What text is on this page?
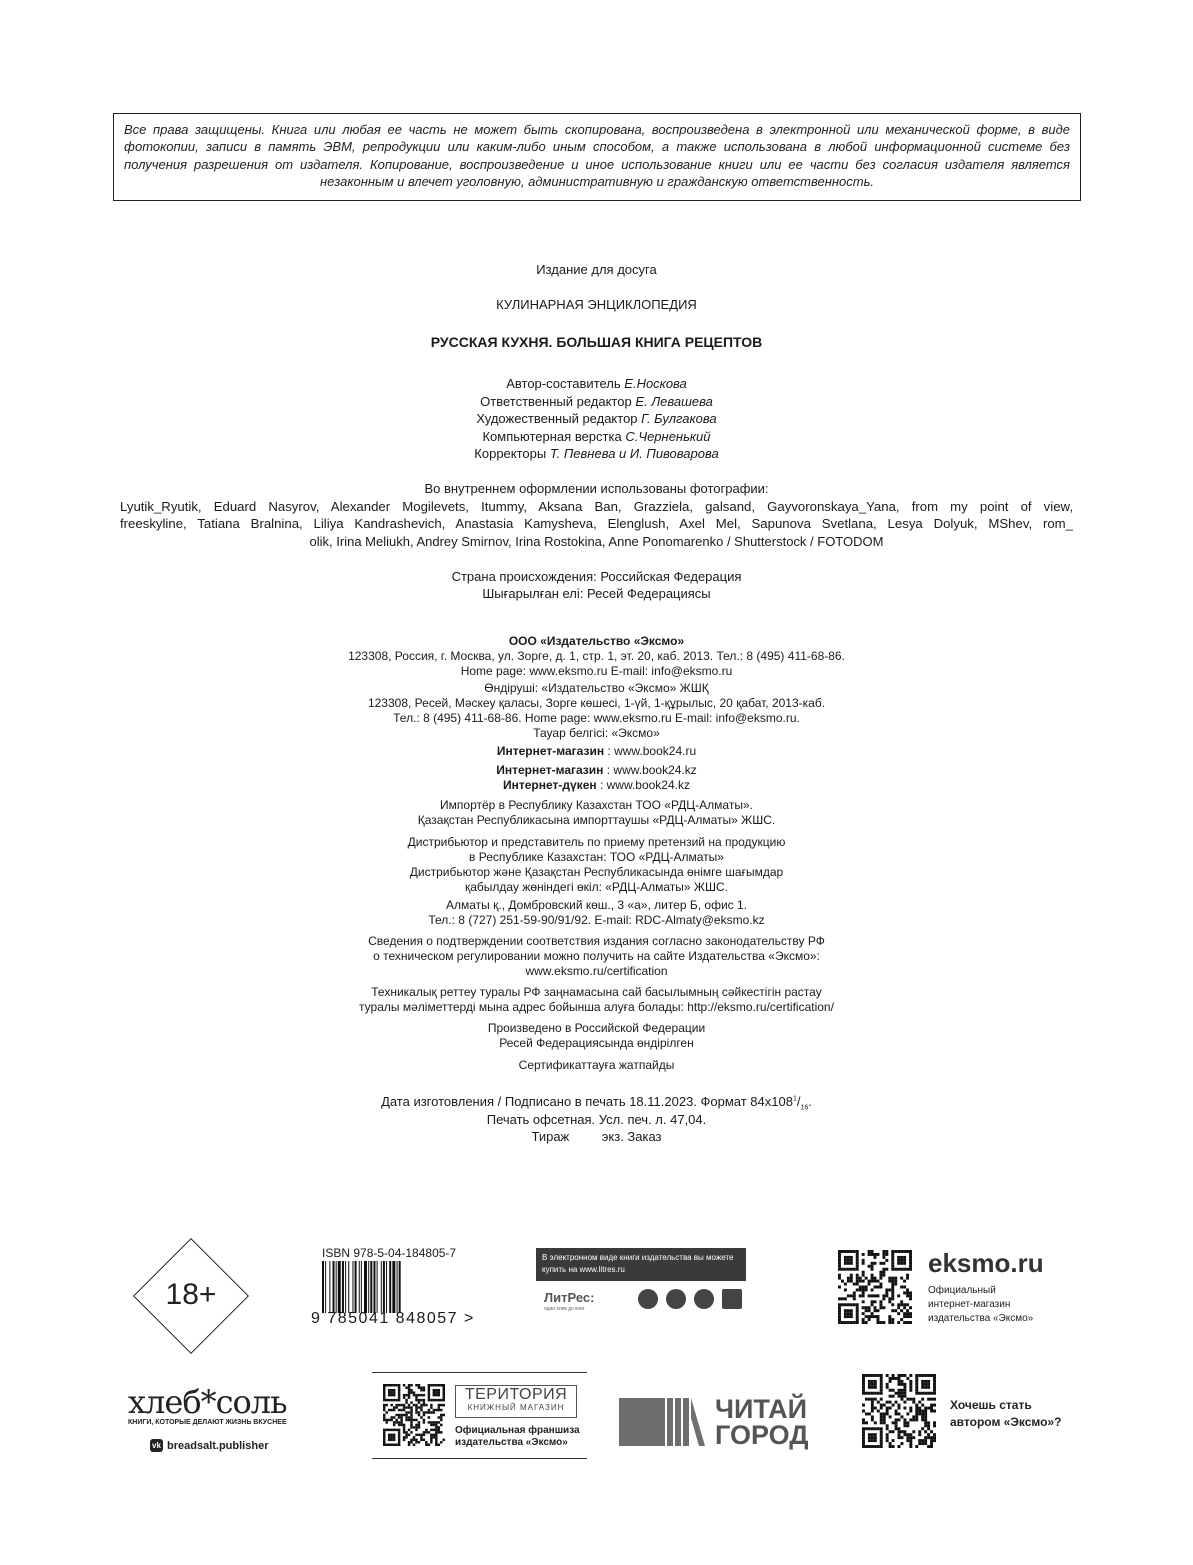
Все права защищены. Книга или любая ее часть не может быть скопирована, воспроизведена в электронной или механической форме, в виде фотокопии, записи в память ЭВМ, репродукции или каким-либо иным способом, а также использована в любой информационной системе без получения разрешения от издателя. Копирование, воспроизведение и иное использование книги или ее части без согласия издателя является незаконным и влечет уголовную, административную и гражданскую ответственность.

Издание для досуга
КУЛИНАРНАЯ ЭНЦИКЛОПЕДИЯ
РУССКАЯ КУХНЯ. БОЛЬШАЯ КНИГА РЕЦЕПТОВ
Автор-составитель Е.Носкова
Ответственный редактор Е. Левашева
Художественный редактор Г. Булгакова
Компьютерная верстка С.Черненький
Корректоры Т. Певнева и И. Пивоварова
Во внутреннем оформлении использованы фотографии:
Lyutik_Ryutik, Eduard Nasyrov, Alexander Mogilevets, Itummy, Aksana Ban, Grazziela, galsand, Gayvoronskaya_Yana, from my point of view,
freeskyline, Tatiana Bralnina, Liliya Kandrashevich, Anastasia Kamysheva, Elenglush, Axel Mel, Sapunova Svetlana, Lesya Dolyuk, MShev, rom_
olik, Irina Meliukh, Andrey Smirnov, Irina Rostokina, Anne Ponomarenko / Shutterstock / FOTODOM
Страна происхождения: Российская Федерация
Шығарылған елі: Ресей Федерациясы
ООО «Издательство «Эксмо»
123308, Россия, г. Москва, ул. Зорге, д. 1, стр. 1, эт. 20, каб. 2013. Тел.: 8 (495) 411-68-86.
Home page: www.eksmo.ru E-mail: info@eksmo.ru
Өндіруші: «Издательство «Эксмо» ЖШҚ
123308, Ресей, Мәскеу қаласы, Зорге көшесі, 1-үй, 1-құрылыс, 20 қабат, 2013-каб.
Тел.: 8 (495) 411-68-86. Home page: www.eksmo.ru E-mail: info@eksmo.ru.
Тауар белгісі: «Эксмо»
Интернет-магазин : www.book24.ru
Интернет-магазин : www.book24.kz
Интернет-дүкен : www.book24.kz
Импортёр в Республику Казахстан ТОО «РДЦ-Алматы».
Қазақстан Республикасына импорттаушы «РДЦ-Алматы» ЖШС.
Дистрибьютор и представитель по приему претензий на продукцию
в Республике Казахстан: ТОО «РДЦ-Алматы»
Дистрибьютор және Қазақстан Республикасында өнімге шағымдар
қабылдау жөніндегі өкіл: «РДЦ-Алматы» ЖШС.
Алматы қ., Домбровский көш., 3 «а», литер Б, офис 1.
Тел.: 8 (727) 251-59-90/91/92. E-mail: RDC-Almaty@eksmo.kz
Сведения о подтверждении соответствия издания согласно законодательству РФ
о техническом регулировании можно получить на сайте Издательства «Эксмо»:
www.eksmo.ru/certification
Техникалық реттеу туралы РФ заңнамасына сай басылымның сәйкестігін растау
туралы мәліметтерді мына адрес бойынша алуға болады: http://eksmo.ru/certification/
Произведено в Российской Федерации
Ресей Федерациясында өндірілген
Сертификаттауға жатпайды
Дата изготовления / Подписано в печать 18.11.2023. Формат $84х108^1/_{16}$.
Печать офсетная. Усл. печ. л. 47,04.
Тираж         экз. Заказ
18+
ISBN 978-5-04-184805-7
9 785041 848057 >
В электронном виде книги издательства вы можете купить на www.litres.ru
ЛитРес:
один клик до книг
eksmo.ru
Официальный
интернет-магазин
издательства «Эксмо»
хлеб*соль
КНИГИ, КОТОРЫЕ ДЕЛАЮТ ЖИЗНЬ ВКУСНЕЕ
vk breadsalt.publisher
ТЕРИТОРИЯ
КНИЖНЫЙ МАГАЗИН
Официальная франшиза
издательства «Эксмо»
ЧИТАЙ
ГОРОД
Хочешь стать
автором «Эксмо»?
